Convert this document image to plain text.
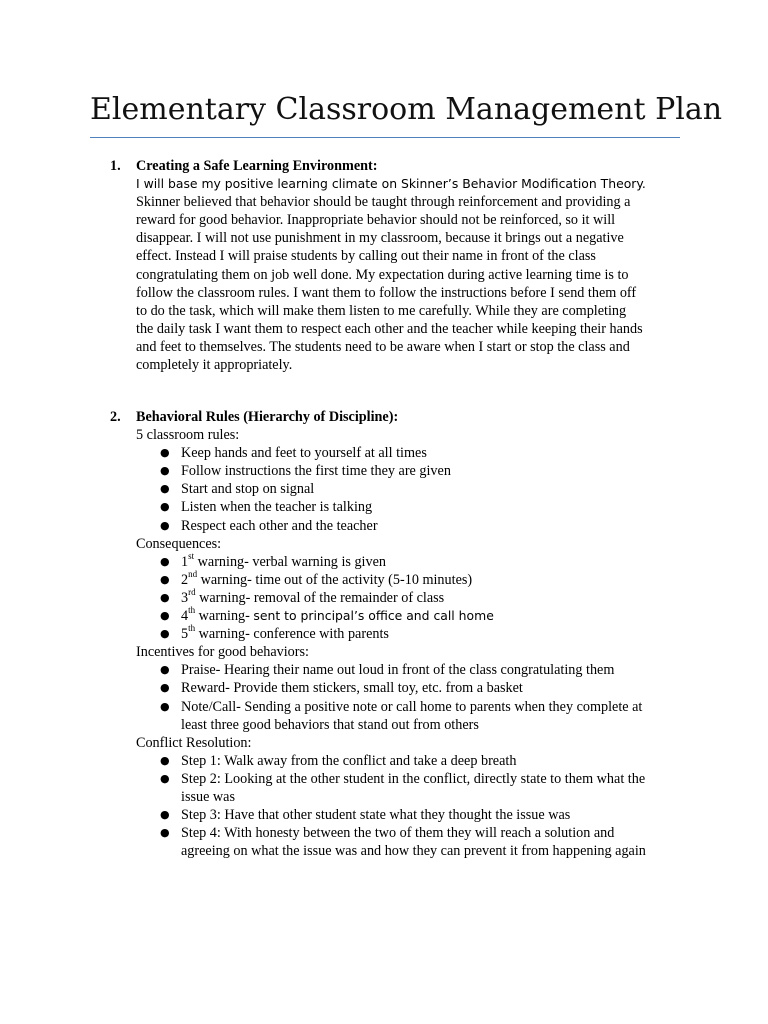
Elementary Classroom Management Plan
1.	Creating a Safe Learning Environment:
I will base my positive learning climate on Skinner’s Behavior Modification Theory.
Skinner believed that behavior should be taught through reinforcement and providing a
reward for good behavior. Inappropriate behavior should not be reinforced, so it will
disappear. I will not use punishment in my classroom, because it brings out a negative
effect. Instead I will praise students by calling out their name in front of the class
congratulating them on job well done. My expectation during active learning time is to
follow the classroom rules. I want them to follow the instructions before I send them off
to do the task, which will make them listen to me carefully. While they are completing
the daily task I want them to respect each other and the teacher while keeping their hands
and feet to themselves. The students need to be aware when I start or stop the class and
completely it appropriately.
2.	Behavioral Rules (Hierarchy of Discipline):
5 classroom rules:
● Keep hands and feet to yourself at all times
● Follow instructions the first time they are given
● Start and stop on signal
● Listen when the teacher is talking
● Respect each other and the teacher
Consequences:
● 1st warning- verbal warning is given
● 2nd warning- time out of the activity (5-10 minutes)
● 3rd warning- removal of the remainder of class
● 4th warning- sent to principal’s office and call home
● 5th warning- conference with parents
Incentives for good behaviors:
● Praise- Hearing their name out loud in front of the class congratulating them
● Reward- Provide them stickers, small toy, etc. from a basket
● Note/Call- Sending a positive note or call home to parents when they complete at
least three good behaviors that stand out from others
Conflict Resolution:
● Step 1: Walk away from the conflict and take a deep breath
● Step 2: Looking at the other student in the conflict, directly state to them what the
issue was
● Step 3: Have that other student state what they thought the issue was
● Step 4: With honesty between the two of them they will reach a solution and
agreeing on what the issue was and how they can prevent it from happening again
